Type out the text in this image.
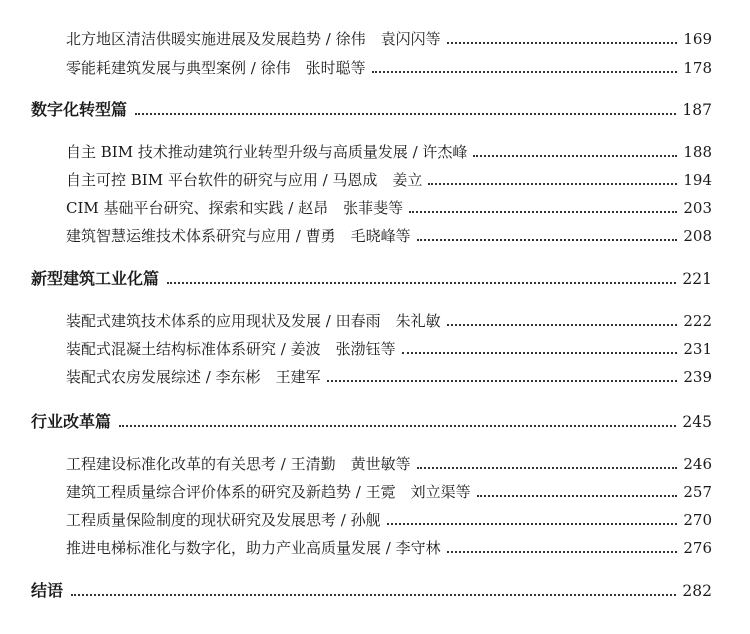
北方地区清洁供暖实施进展及发展趋势 / 徐伟　袁闪闪等	169
零能耗建筑发展与典型案例 / 徐伟　张时聪等	178
数字化转型篇	187
自主 BIM 技术推动建筑行业转型升级与高质量发展 / 许杰峰	188
自主可控 BIM 平台软件的研究与应用 / 马恩成　姜立	194
CIM 基础平台研究、探索和实践 / 赵昂　张菲斐等	203
建筑智慧运维技术体系研究与应用 / 曹勇　毛晓峰等	208
新型建筑工业化篇	221
装配式建筑技术体系的应用现状及发展 / 田春雨　朱礼敏	222
装配式混凝土结构标准体系研究 / 姜波　张渤钰等	231
装配式农房发展综述 / 李东彬　王建军	239
行业改革篇	245
工程建设标准化改革的有关思考 / 王清勤　黄世敏等	246
建筑工程质量综合评价体系的研究及新趋势 / 王霓　刘立渠等	257
工程质量保险制度的现状研究及发展思考 / 孙舰	270
推进电梯标准化与数字化，助力产业高质量发展 / 李守林	276
结语	282
